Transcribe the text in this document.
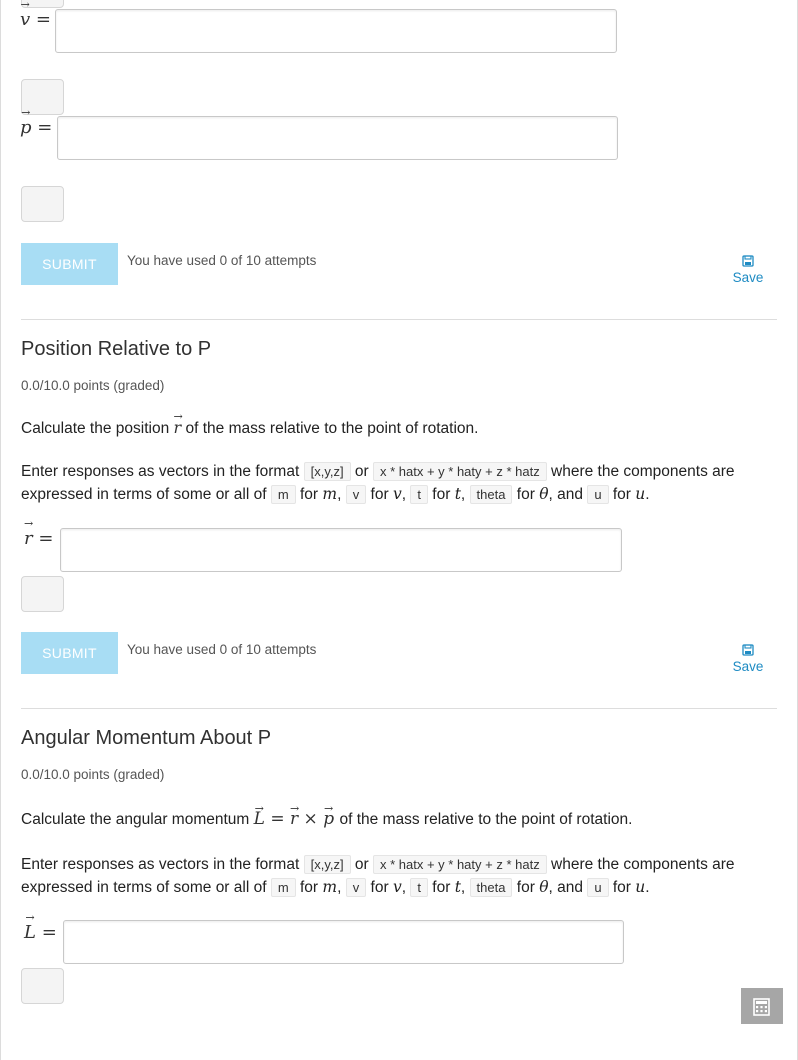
→ v =
→ p =
SUBMIT	You have used 0 of 10 attempts
Save
Position Relative to P
0.0/10.0 points (graded)
Calculate the position → r of the mass relative to the point of rotation.
Enter responses as vectors in the format [x,y,z] or x * hatx + y * haty + z * hatz where the components are expressed in terms of some or all of m for m, v for v, t for t, theta for θ, and u for u.
→ r =
SUBMIT	You have used 0 of 10 attempts
Save
Angular Momentum About P
0.0/10.0 points (graded)
Calculate the angular momentum → L = → r × → p of the mass relative to the point of rotation.
Enter responses as vectors in the format [x,y,z] or x * hatx + y * haty + z * hatz where the components are expressed in terms of some or all of m for m, v for v, t for t, theta for θ, and u for u.
→ L =
